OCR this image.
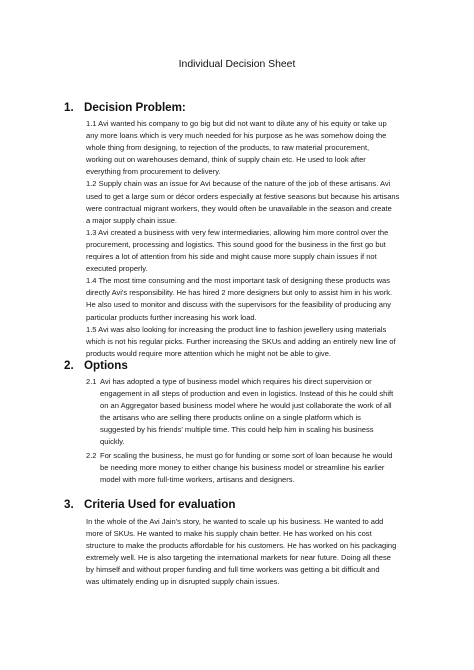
Individual Decision Sheet
1. Decision Problem:
1.1 Avi wanted his company to go big but did not want to dilute any of his equity or take up
any more loans which is very much needed for his purpose as he was somehow doing the
whole thing from designing, to rejection of the products, to raw material procurement,
working out on warehouses demand, think of supply chain etc. He used to look after
everything from procurement to delivery.
1.2 Supply chain was an issue for Avi because of the nature of the job of these artisans. Avi
used to get a large sum or décor orders especially at festive seasons but because his artisans
were contractual migrant workers, they would often be unavailable in the season and create
a major supply chain issue.
1.3 Avi created a business with very few intermediaries, allowing him more control over the
procurement, processing and logistics. This sound good for the business in the first go but
requires a lot of attention from his side and might cause more supply chain issues if not
executed properly.
1.4 The most time consuming and the most important task of designing these products was
directly Avi's responsibility. He has hired 2 more designers but only to assist him in his work.
He also used to monitor and discuss with the supervisors for the feasibility of producing any
particular products further increasing his work load.
1.5 Avi was also looking for increasing the product line to fashion jewellery using materials
which is not his regular picks. Further increasing the SKUs and adding an entirely new line of
products would require more attention which he might not be able to give.
2. Options
2.1 Avi has adopted a type of business model which requires his direct supervision or
engagement in all steps of production and even in logistics. Instead of this he could shift
on an Aggregator based business model where he would just collaborate the work of all
the artisans who are selling there products online on a single platform which is
suggested by his friends' multiple time. This could help him in scaling his business
quickly.
2.2 For scaling the business, he must go for funding or some sort of loan because he would
be needing more money to either change his business model or streamline his earlier
model with more full-time workers, artisans and designers.
3. Criteria Used for evaluation
In the whole of the Avi Jain's story, he wanted to scale up his business. He wanted to add
more of SKUs. He wanted to make his supply chain better. He has worked on his cost
structure to make the products affordable for his customers. He has worked on his packaging
extremely well. He is also targeting the international markets for near future. Doing all these
by himself and without proper funding and full time workers was getting a bit difficult and
was ultimately ending up in disrupted supply chain issues.
